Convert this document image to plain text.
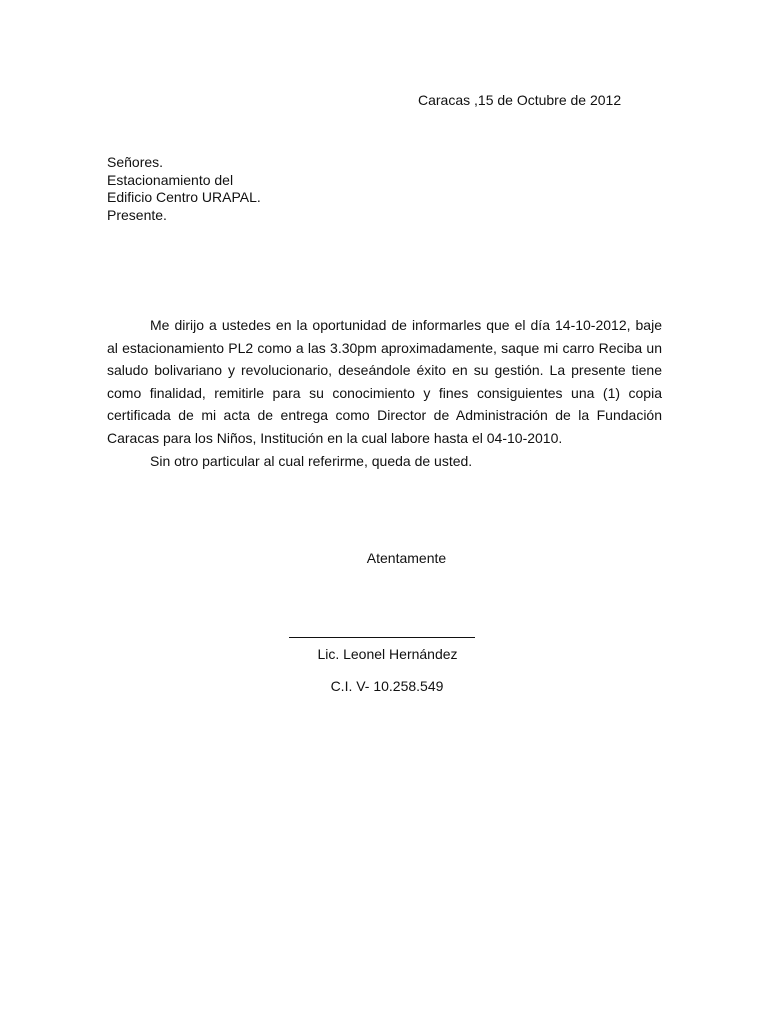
Caracas ,15 de Octubre de 2012
Señores.
Estacionamiento del
Edificio Centro URAPAL.
Presente.
Me dirijo a ustedes en la oportunidad de informarles que el día 14-10-2012, baje al estacionamiento PL2 como a las 3.30pm aproximadamente, saque mi carro Reciba un saludo bolivariano y revolucionario, deseándole éxito en su gestión. La presente tiene como finalidad, remitirle para su conocimiento y fines consiguientes una (1) copia certificada de mi acta de entrega como Director de Administración de la Fundación Caracas para los Niños, Institución en la cual labore hasta el 04-10-2010.
Sin otro particular al cual referirme, queda de usted.
Atentamente
Lic. Leonel Hernández
C.I. V- 10.258.549
